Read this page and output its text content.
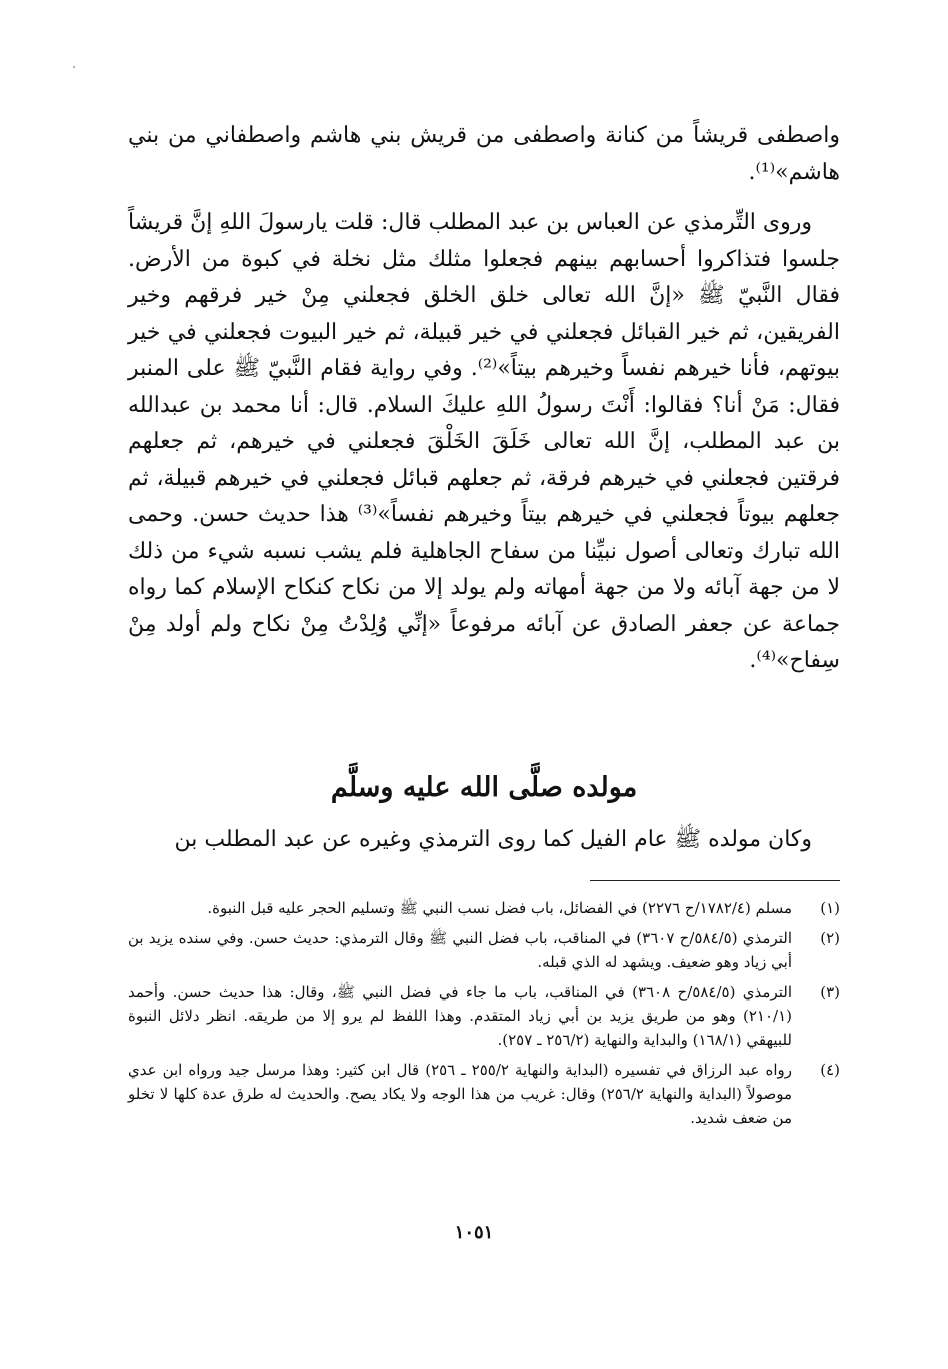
واصطفى قريشاً من كنانة واصطفى من قريش بني هاشم واصطفاني من بني هاشم»⁽¹⁾.

وروى التِّرمذي عن العباس بن عبد المطلب قال: قلت يارسولَ اللهِ إنَّ قريشاً جلسوا فتذاكروا أحسابهم بينهم فجعلوا مثلك مثل نخلة في كبوة من الأرض. فقال النَّبيّ ﷺ «إنَّ الله تعالى خلق الخلق فجعلني مِنْ خير فرقهم وخير الفريقين، ثم خير القبائل فجعلني في خير قبيلة، ثم خير البيوت فجعلني في خير بيوتهم، فأنا خيرهم نفساً وخيرهم بيتاً»⁽²⁾. وفي رواية فقام النَّبيّ ﷺ على المنبر فقال: مَنْ أنا؟ فقالوا: أَنْتَ رسولُ اللهِ عليكَ السلام. قال: أنا محمد بن عبدالله بن عبد المطلب، إنَّ الله تعالى خَلَقَ الخَلْقَ فجعلني في خيرهم، ثم جعلهم فرقتين فجعلني في خيرهم فرقة، ثم جعلهم قبائل فجعلني في خيرهم قبيلة، ثم جعلهم بيوتاً فجعلني في خيرهم بيتاً وخيرهم نفساً»⁽³⁾ هذا حديث حسن. وحمى الله تبارك وتعالى أصول نبيِّنا من سفاح الجاهلية فلم يشب نسبه شيء من ذلك لا من جهة آبائه ولا من جهة أمهاته ولم يولد إلا من نكاح كنكاح الإسلام كما رواه جماعة عن جعفر الصادق عن آبائه مرفوعاً «إنِّي وُلِدْتُ مِنْ نكاح ولم أولد مِنْ سِفاح»⁽⁴⁾.

مولده صلَّى الله عليه وسلَّم

وكان مولده ﷺ عام الفيل كما روى الترمذي وغيره عن عبد المطلب بن

(١)
مسلم (١٧٨٢/٤/ح ٢٢٧٦) في الفضائل، باب فضل نسب النبي ﷺ وتسليم الحجر عليه قبل النبوة.
(٢)
الترمذي (٥٨٤/٥/ح ٣٦٠٧) في المناقب، باب فضل النبي ﷺ وقال الترمذي: حديث حسن. وفي سنده يزيد بن أبي زياد وهو ضعيف. ويشهد له الذي قبله.
(٣)
الترمذي (٥٨٤/٥/ح ٣٦٠٨) في المناقب، باب ما جاء في فضل النبي ﷺ، وقال: هذا حديث حسن. وأحمد (٢١٠/١) وهو من طريق يزيد بن أبي زياد المتقدم. وهذا اللفظ لم يرو إلا من طريقه. انظر دلائل النبوة للبيهقي (١٦٨/١) والبداية والنهاية (٢٥٦/٢ ـ ٢٥٧).
(٤)
رواه عبد الرزاق في تفسيره (البداية والنهاية ٢٥٥/٢ ـ ٢٥٦) قال ابن كثير: وهذا مرسل جيد ورواه ابن عدي موصولاً (البداية والنهاية ٢٥٦/٢) وقال: غريب من هذا الوجه ولا يكاد يصح. والحديث له طرق عدة كلها لا تخلو من ضعف شديد.
١٠٥١
